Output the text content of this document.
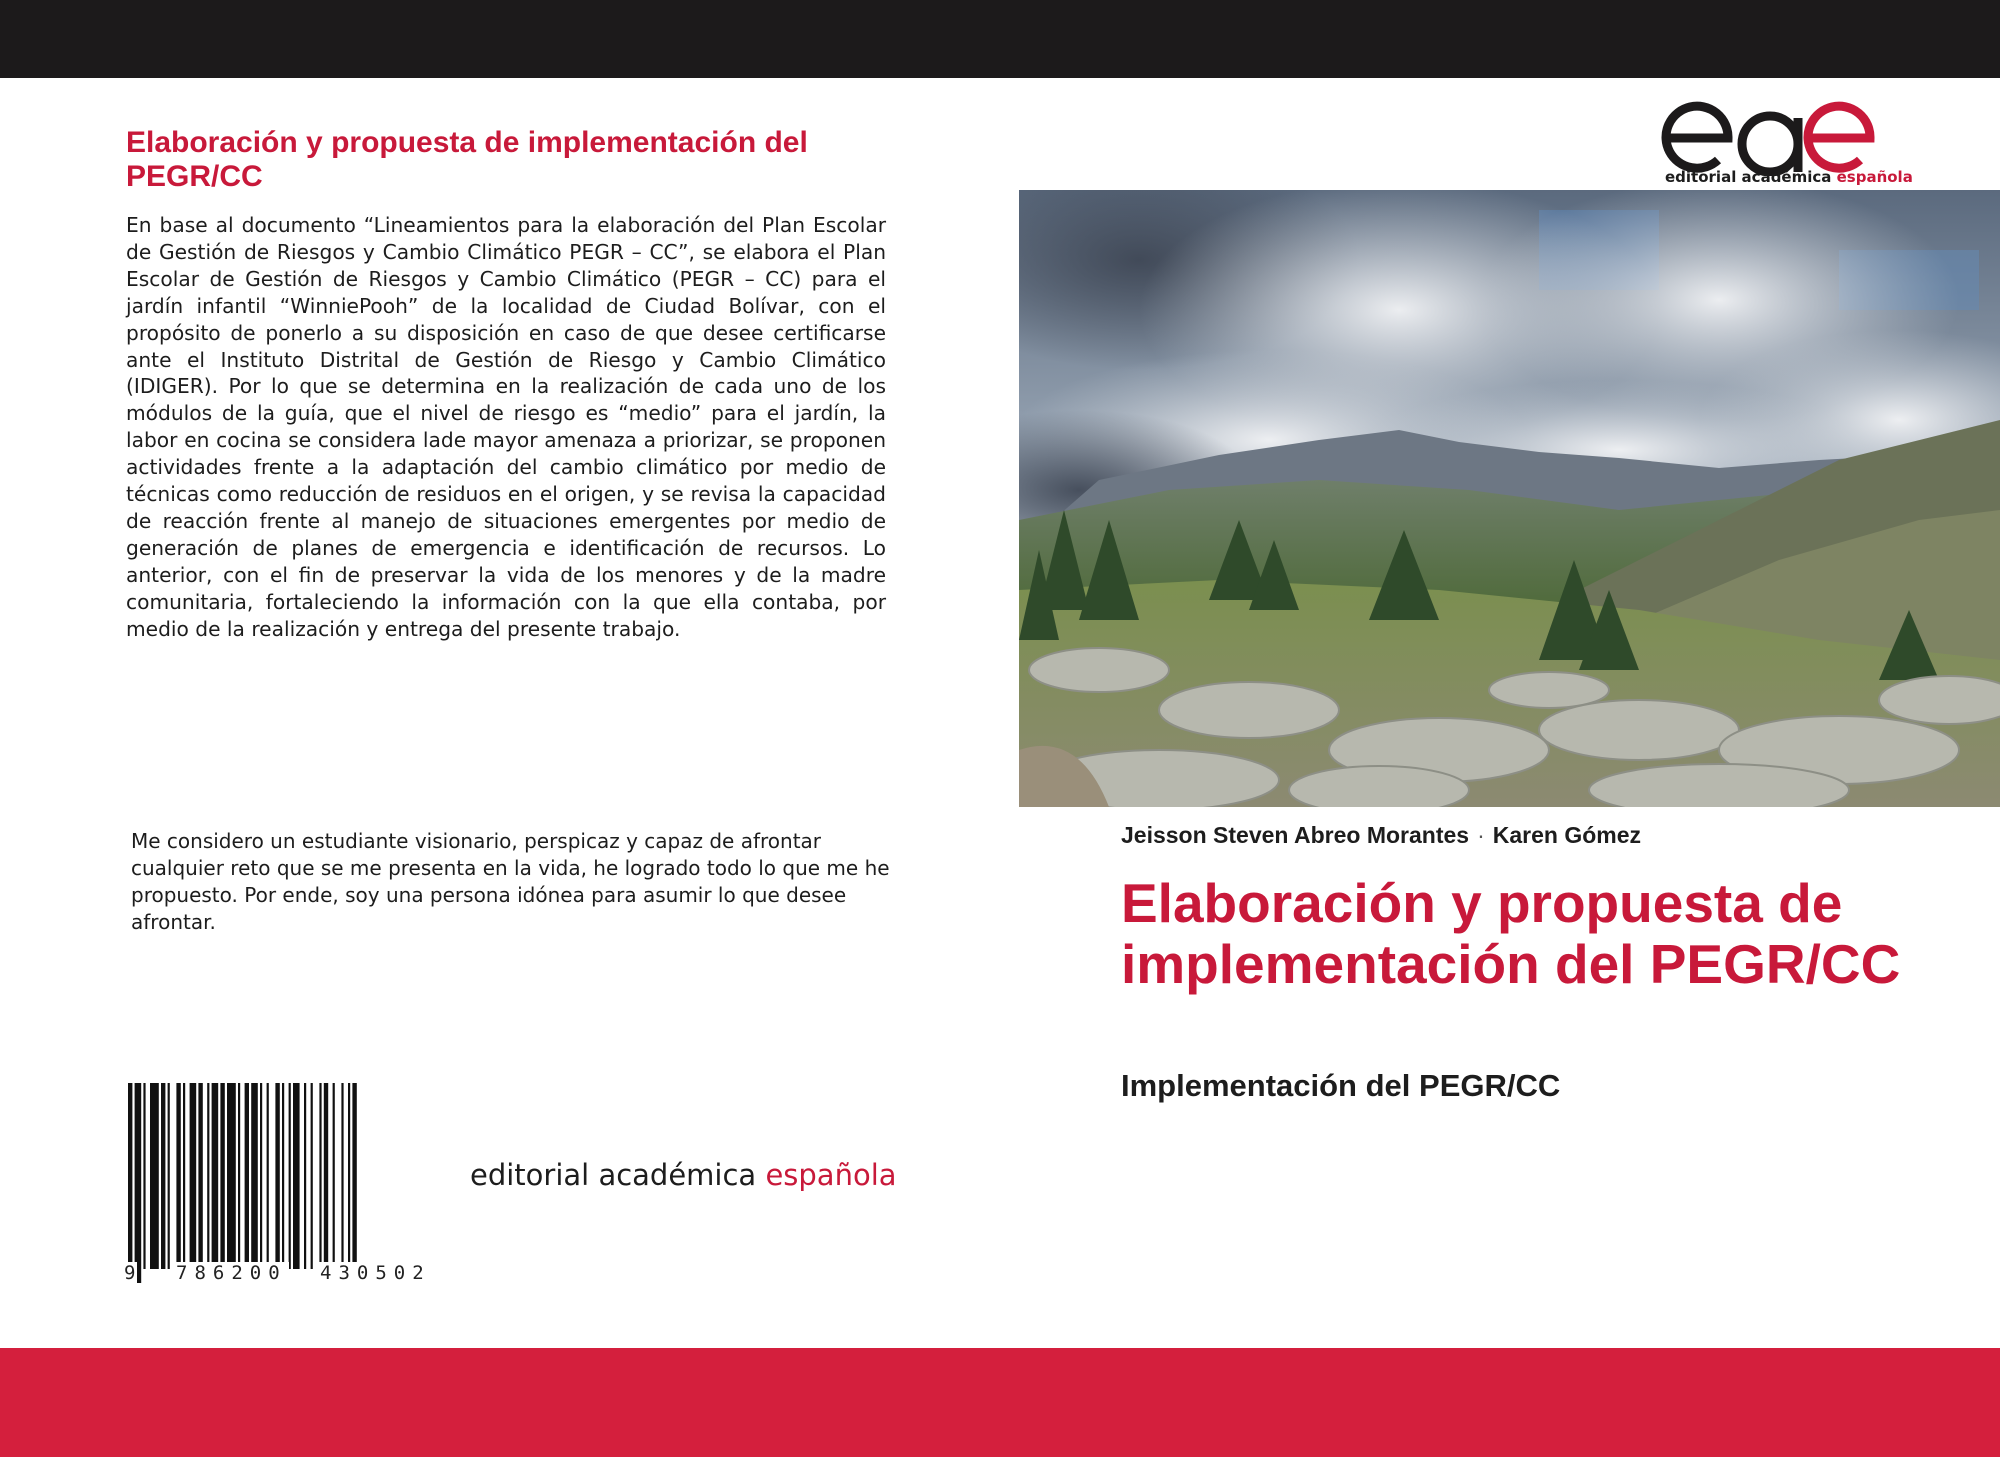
Elaboración y propuesta de implementación del PEGR/CC
En base al documento “Lineamientos para la elaboración del Plan Escolar de Gestión de Riesgos y Cambio Climático PEGR – CC”, se elabora el Plan Escolar de Gestión de Riesgos y Cambio Climático (PEGR – CC) para el jardín infantil “WinniePooh” de la localidad de Ciudad Bolívar, con el propósito de ponerlo a su disposición en caso de que desee certificarse ante el Instituto Distrital de Gestión de Riesgo y Cambio Climático (IDIGER). Por lo que se determina en la realización de cada uno de los módulos de la guía, que el nivel de riesgo es “medio” para el jardín, la labor en cocina se considera lade mayor amenaza a priorizar, se proponen actividades frente a la adaptación del cambio climático por medio de técnicas como reducción de residuos en el origen, y se revisa la capacidad de reacción frente al manejo de situaciones emergentes por medio de generación de planes de emergencia e identificación de recursos. Lo anterior, con el fin de preservar la vida de los menores y de la madre comunitaria, fortaleciendo la información con la que ella contaba, por medio de la realización y entrega del presente trabajo.
Me considero un estudiante visionario, perspicaz y capaz de afrontar cualquier reto que se me presenta en la vida, he logrado todo lo que me he propuesto. Por ende, soy una persona idónea para asumir lo que desee afrontar.
9 786200 430502
editorial académica española
editorial académica española
Jeisson Steven Abreo Morantes · Karen Gómez
Elaboración y propuesta de implementación del PEGR/CC
Implementación del PEGR/CC
